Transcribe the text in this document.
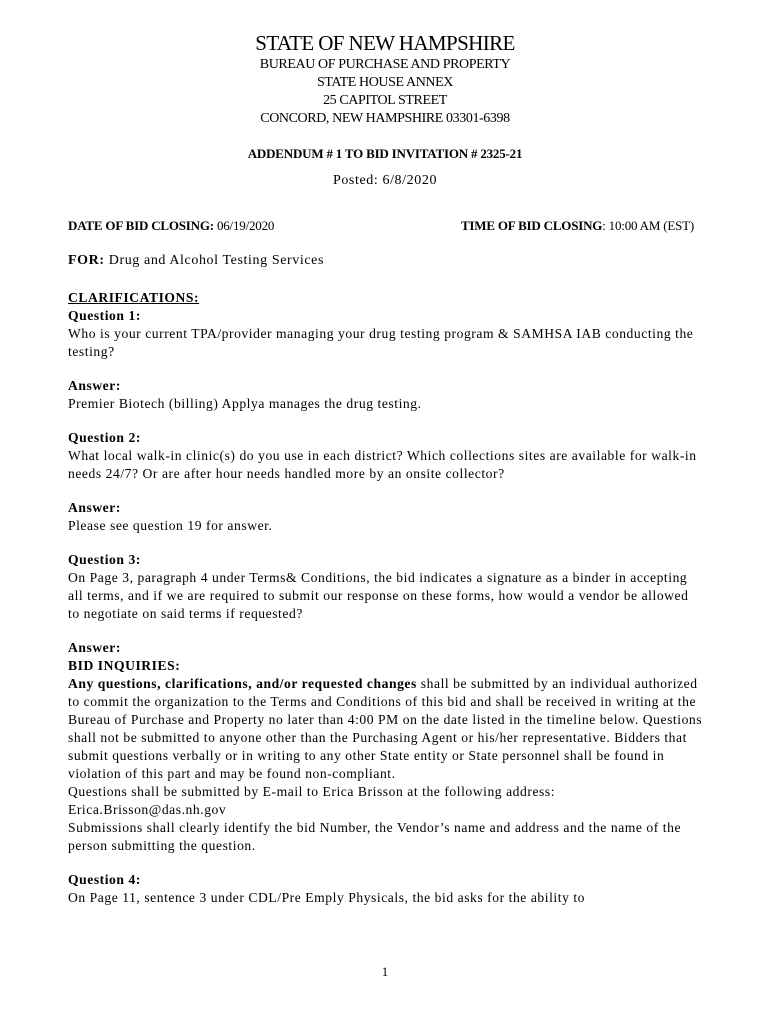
STATE OF NEW HAMPSHIRE
BUREAU OF PURCHASE AND PROPERTY
STATE HOUSE ANNEX
25 CAPITOL STREET
CONCORD, NEW HAMPSHIRE 03301-6398
ADDENDUM # 1 TO BID INVITATION # 2325-21
Posted: 6/8/2020
DATE OF BID CLOSING: 06/19/2020	TIME OF BID CLOSING: 10:00 AM (EST)
FOR: Drug and Alcohol Testing Services

CLARIFICATIONS:

Question 1:

Who is your current TPA/provider managing your drug testing program & SAMHSA IAB conducting the testing?

Answer:

Premier Biotech (billing) Applya manages the drug testing.

Question 2:

What local walk-in clinic(s) do you use in each district? Which collections sites are available for walk-in needs 24/7? Or are after hour needs handled more by an onsite collector?

Answer:

Please see question 19 for answer.

Question 3:

On Page 3, paragraph 4 under Terms& Conditions, the bid indicates a signature as a binder in accepting all terms, and if we are required to submit our response on these forms, how would a vendor be allowed to negotiate on said terms if requested?

Answer:

BID INQUIRIES:

Any questions, clarifications, and/or requested changes shall be submitted by an individual authorized to commit the organization to the Terms and Conditions of this bid and shall be received in writing at the Bureau of Purchase and Property no later than 4:00 PM on the date listed in the timeline below. Questions shall not be submitted to anyone other than the Purchasing Agent or his/her representative. Bidders that submit questions verbally or in writing to any other State entity or State personnel shall be found in violation of this part and may be found non-compliant.

Questions shall be submitted by E-mail to Erica Brisson at the following address:

Erica.Brisson@das.nh.gov

Submissions shall clearly identify the bid Number, the Vendor’s name and address and the name of the person submitting the question.

Question 4:

On Page 11, sentence 3 under CDL/Pre Emply Physicals, the bid asks for the ability to

1
